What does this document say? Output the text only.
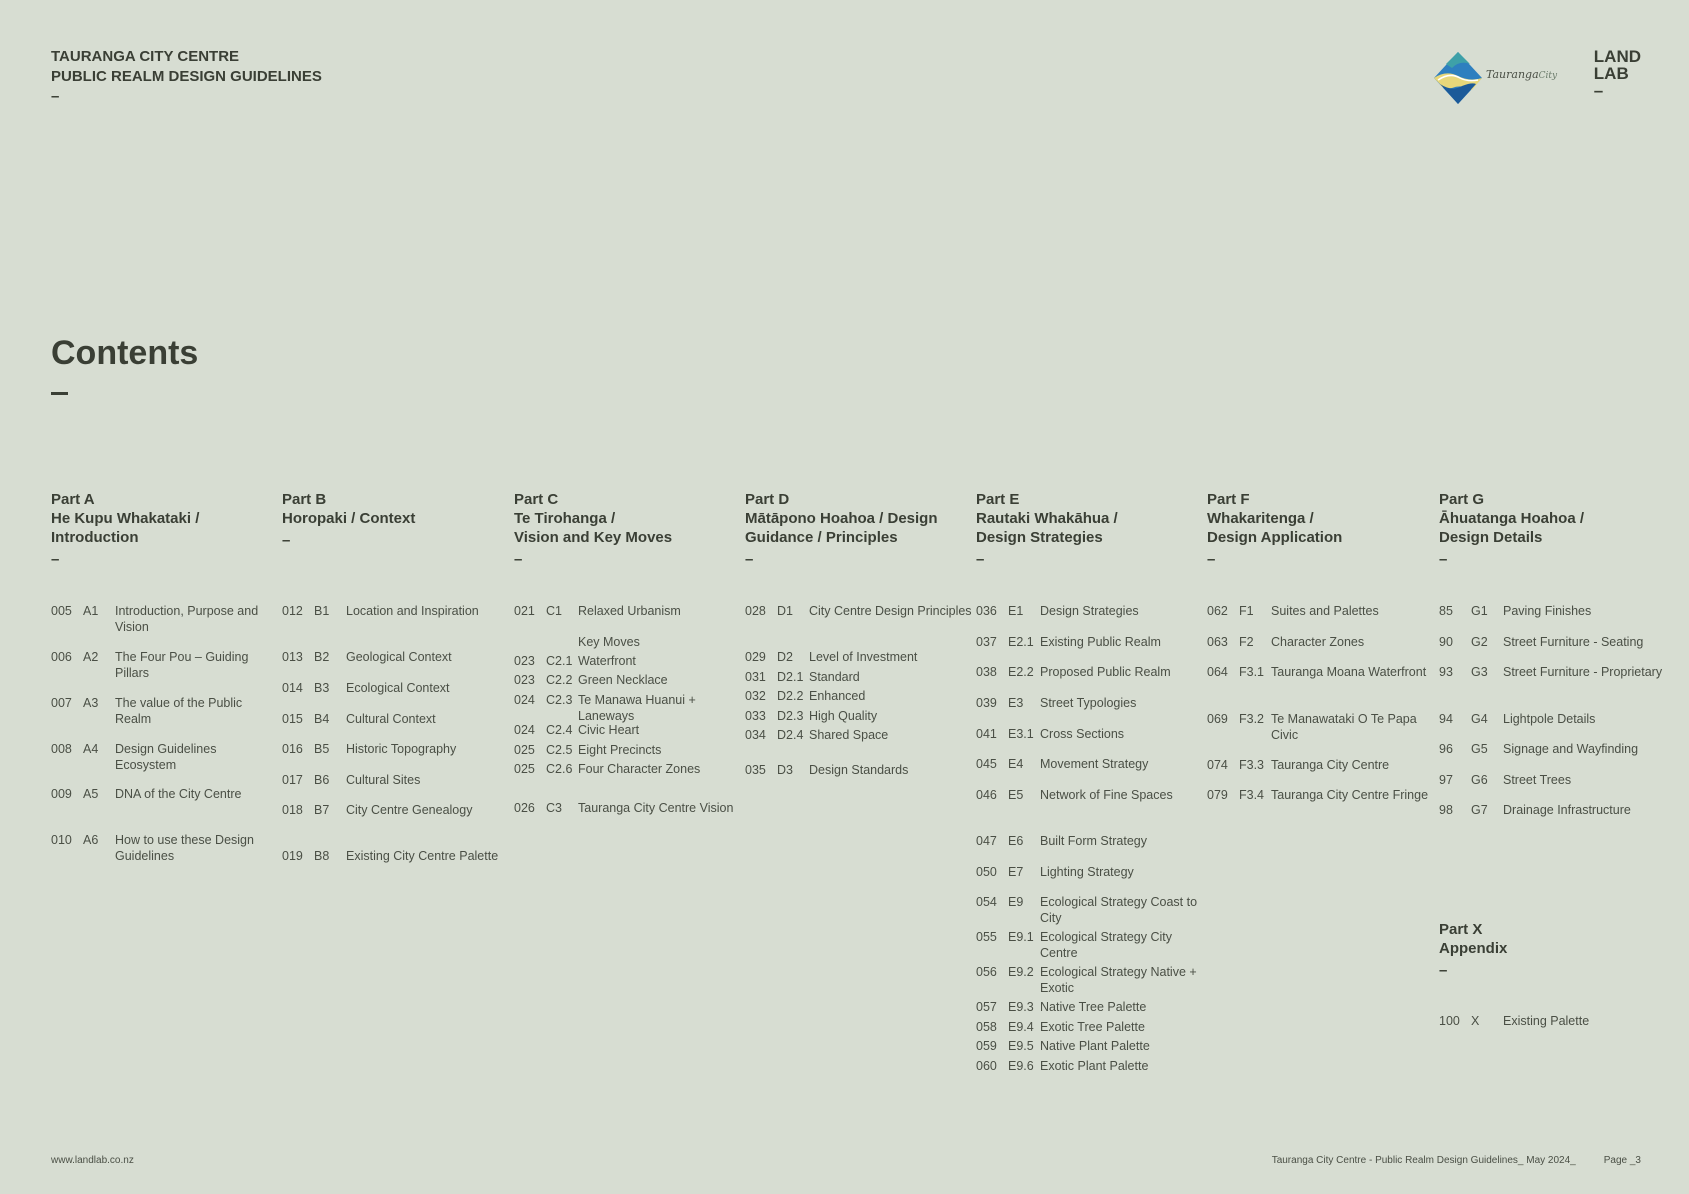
TAURANGA CITY CENTRE
PUBLIC REALM DESIGN GUIDELINES
–
TaurangaCity
LAND
LAB
–
Contents
Part A
He Kupu Whakataki /
Introduction
–
005 A1 Introduction, Purpose and Vision
006 A2 The Four Pou – Guiding Pillars
007 A3 The value of the Public Realm
008 A4 Design Guidelines Ecosystem
009 A5 DNA of the City Centre
010 A6 How to use these Design Guidelines
Part B
Horopaki / Context
–
012 B1 Location and Inspiration
013 B2 Geological Context
014 B3 Ecological Context
015 B4 Cultural Context
016 B5 Historic Topography
017 B6 Cultural Sites
018 B7 City Centre Genealogy
019 B8 Existing City Centre Palette
Part C
Te Tirohanga /
Vision and Key Moves
–
021 C1 Relaxed Urbanism
Key Moves
023 C2.1 Waterfront
023 C2.2 Green Necklace
024 C2.3 Te Manawa Huanui + Laneways
024 C2.4 Civic Heart
025 C2.5 Eight Precincts
025 C2.6 Four Character Zones
026 C3 Tauranga City Centre Vision
Part D
Mātāpono Hoahoa / Design
Guidance / Principles
–
028 D1 City Centre Design Principles
029 D2 Level of Investment
031 D2.1 Standard
032 D2.2 Enhanced
033 D2.3 High Quality
034 D2.4 Shared Space
035 D3 Design Standards
Part E
Rautaki Whakāhua /
Design Strategies
–
036 E1 Design Strategies
037 E2.1 Existing Public Realm
038 E2.2 Proposed Public Realm
039 E3 Street Typologies
041 E3.1 Cross Sections
045 E4 Movement Strategy
046 E5 Network of Fine Spaces
047 E6 Built Form Strategy
050 E7 Lighting Strategy
054 E9 Ecological Strategy Coast to City
055 E9.1 Ecological Strategy City Centre
056 E9.2 Ecological Strategy Native + Exotic
057 E9.3 Native Tree Palette
058 E9.4 Exotic Tree Palette
059 E9.5 Native Plant Palette
060 E9.6 Exotic Plant Palette
Part F
Whakaritenga /
Design Application
–
062 F1 Suites and Palettes
063 F2 Character Zones
064 F3.1 Tauranga Moana Waterfront
069 F3.2 Te Manawataki O Te Papa Civic
074 F3.3 Tauranga City Centre
079 F3.4 Tauranga City Centre Fringe
Part G
Āhuatanga Hoahoa /
Design Details
–
85 G1 Paving Finishes
90 G2 Street Furniture - Seating
93 G3 Street Furniture - Proprietary
94 G4 Lightpole Details
96 G5 Signage and Wayfinding
97 G6 Street Trees
98 G7 Drainage Infrastructure
Part X
Appendix
–
100 X Existing Palette
www.landlab.co.nz	Tauranga City Centre - Public Realm Design Guidelines_ May 2024_	Page _3
